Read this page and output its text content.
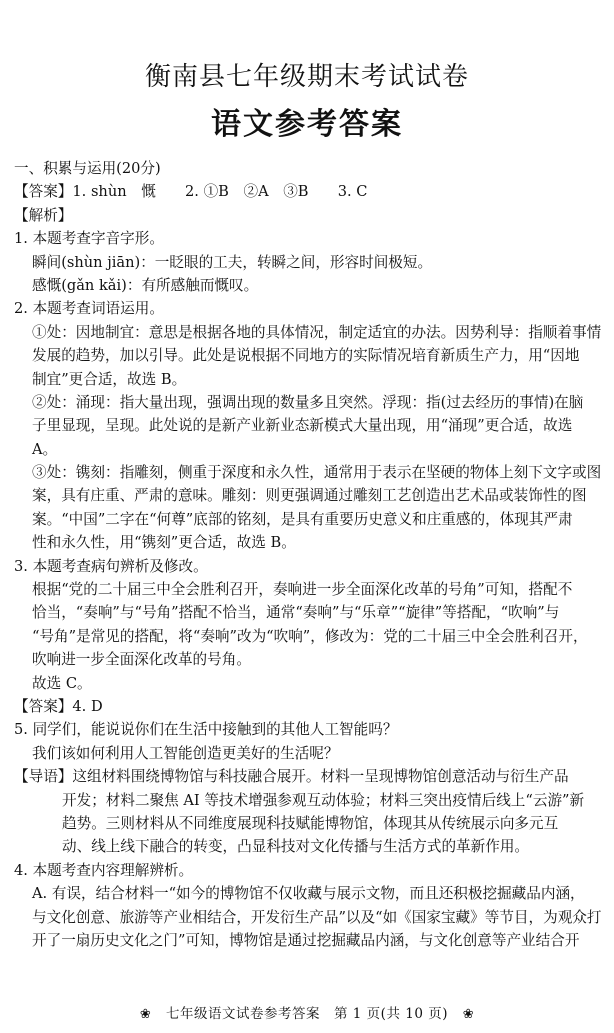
衡南县七年级期末考试试卷
语文参考答案
一、积累与运用(20分)
【答案】1. shùn　慨　　2. ①B　②A　③B　　3. C
【解析】
1. 本题考查字音字形。
瞬间(shùn jiān)：一眨眼的工夫，转瞬之间，形容时间极短。
感慨(gǎn kǎi)：有所感触而慨叹。
2. 本题考查词语运用。
①处：因地制宜：意思是根据各地的具体情况，制定适宜的办法。因势利导：指顺着事情
发展的趋势，加以引导。此处是说根据不同地方的实际情况培育新质生产力，用“因地
制宜”更合适，故选 B。
②处：涌现：指大量出现，强调出现的数量多且突然。浮现：指(过去经历的事情)在脑
子里显现，呈现。此处说的是新产业新业态新模式大量出现，用“涌现”更合适，故选
A。
③处：镌刻：指雕刻，侧重于深度和永久性，通常用于表示在坚硬的物体上刻下文字或图
案，具有庄重、严肃的意味。雕刻：则更强调通过雕刻工艺创造出艺术品或装饰性的图
案。“中国”二字在“何尊”底部的铭刻，是具有重要历史意义和庄重感的，体现其严肃
性和永久性，用“镌刻”更合适，故选 B。
3. 本题考查病句辨析及修改。
根据“党的二十届三中全会胜利召开，奏响进一步全面深化改革的号角”可知，搭配不
恰当，“奏响”与“号角”搭配不恰当，通常“奏响”与“乐章”“旋律”等搭配，“吹响”与
“号角”是常见的搭配，将“奏响”改为“吹响”，修改为：党的二十届三中全会胜利召开，
吹响进一步全面深化改革的号角。
故选 C。
【答案】4. D
5. 同学们，能说说你们在生活中接触到的其他人工智能吗？
我们该如何利用人工智能创造更美好的生活呢？
【导语】这组材料围绕博物馆与科技融合展开。材料一呈现博物馆创意活动与衍生产品
开发；材料二聚焦 AI 等技术增强参观互动体验；材料三突出疫情后线上“云游”新
趋势。三则材料从不同维度展现科技赋能博物馆，体现其从传统展示向多元互
动、线上线下融合的转变，凸显科技对文化传播与生活方式的革新作用。
4. 本题考查内容理解辨析。
A. 有误，结合材料一“如今的博物馆不仅收藏与展示文物，而且还积极挖掘藏品内涵，
与文化创意、旅游等产业相结合，开发衍生产品”以及“如《国家宝藏》等节目，为观众打
开了一扇历史文化之门”可知，博物馆是通过挖掘藏品内涵，与文化创意等产业结合开
❀ 七年级语文试卷参考答案　第 1 页(共 10 页) ❀
